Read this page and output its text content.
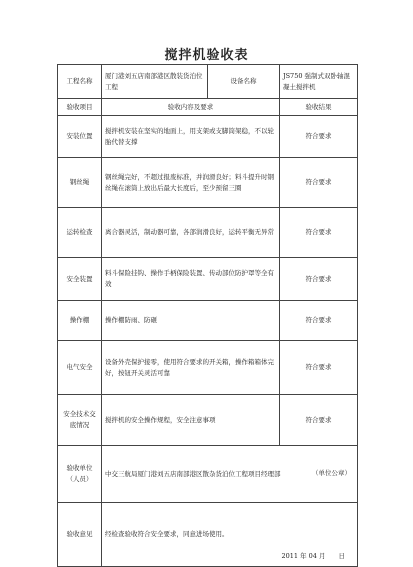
搅拌机验收表
工程名称	厦门港刘五店南部港区散装货泊位工程	设备名称	JS750 强制式双卧轴混凝土搅拌机
验收项目	验收内容及要求		验收结果
安装位置	搅拌机安装在坚实的地面上，用支架或支脚筒架稳，不以轮胎代替支撑		符合要求
钢丝绳	钢丝绳完好，不超过报废标准，并润滑良好；料斗提升时钢丝绳在滚筒上放出后最大长度后，至少预留三圈		符合要求
运转检查	离合器灵活，制动器可靠，各部润滑良好，运转平衡无异常		符合要求
安全装置	料斗保险挂钩、操作手柄保险装置、传动部位防护罩等全有效		符合要求
操作棚	操作棚防雨、防砸		符合要求
电气安全	设备外壳保护接零，使用符合要求的开关箱，操作箱箱体完好，按钮开关灵活可靠		符合要求
安全技术交底情况	搅拌机的安全操作规程，安全注意事项		符合要求
验收单位（人员）	中交三航局厦门港刘五店南部港区散杂货泊位工程项目经理部 （单位公章）		

验收意见	经检查验收符合安全要求，同意进场使用。
2011 年 04 月　　日		
